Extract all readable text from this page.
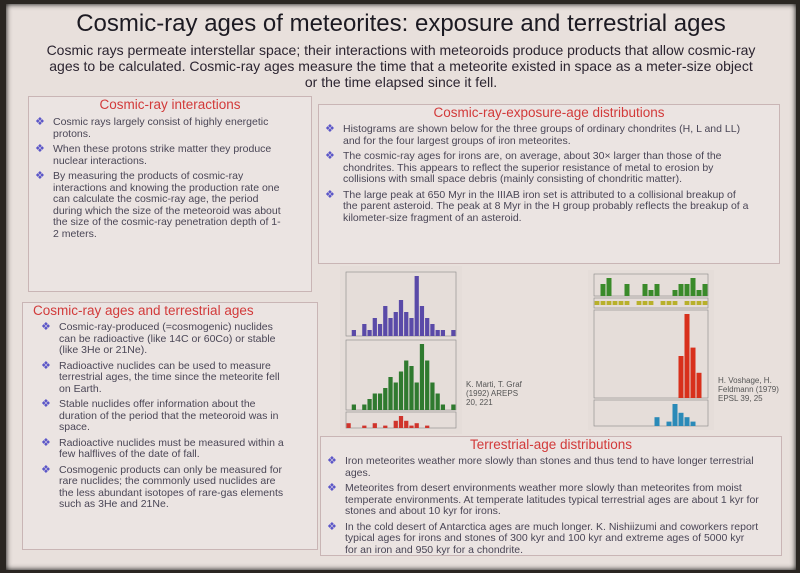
Cosmic-ray ages of meteorites: exposure and terrestrial ages
Cosmic rays permeate interstellar space; their interactions with meteoroids produce products that allow cosmic-ray ages to be calculated. Cosmic-ray ages measure the time that a meteorite existed in space as a meter-size object or the time elapsed since it fell.
Cosmic-ray interactions
❖ Cosmic rays largely consist of highly energetic protons.
❖ When these protons strike matter they produce nuclear interactions.
❖ By measuring the products of cosmic-ray interactions and knowing the production rate one can calculate the cosmic-ray age, the period during which the size of the meteoroid was about the size of the cosmic-ray penetration depth of 1-2 meters.
Cosmic-ray ages and terrestrial ages
❖ Cosmic-ray-produced (=cosmogenic) nuclides can be radioactive (like 14C or 60Co) or stable (like 3He or 21Ne).
❖ Radioactive nuclides can be used to measure terrestrial ages, the time since the meteorite fell on Earth.
❖ Stable nuclides offer information about the duration of the period that the meteoroid was in space.
❖ Radioactive nuclides must be measured within a few halflives of the date of fall.
❖ Cosmogenic products can only be measured for rare nuclides; the commonly used nuclides are the less abundant isotopes of rare-gas elements such as 3He and 21Ne.
Cosmic-ray-exposure-age distributions
❖ Histograms are shown below for the three groups of ordinary chondrites (H, L and LL) and for the four largest groups of iron meteorites.
❖ The cosmic-ray ages for irons are, on average, about 30× larger than those of the chondrites. This appears to reflect the superior resistance of metal to erosion by collisions with small space debris (mainly consisting of chondritic matter).
❖ The large peak at 650 Myr in the IIIAB iron set is attributed to a collisional breakup of the parent asteroid. The peak at 8 Myr in the H group probably reflects the breakup of a kilometer-size fragment of an asteroid.
K. Marti, T. Graf (1992) AREPS 20, 221
H. Voshage, H. Feldmann (1979) EPSL 39, 25
Terrestrial-age distributions
❖ Iron meteorites weather more slowly than stones and thus tend to have longer terrestrial ages.
❖ Meteorites from desert environments weather more slowly than meteorites from moist temperate environments. At temperate latitudes typical terrestrial ages are about 1 kyr for stones and about 10 kyr for irons.
❖ In the cold desert of Antarctica ages are much longer. K. Nishiizumi and coworkers report typical ages for irons and stones of 300 kyr and 100 kyr and extreme ages of 5000 kyr for an iron and 950 kyr for a chondrite.
